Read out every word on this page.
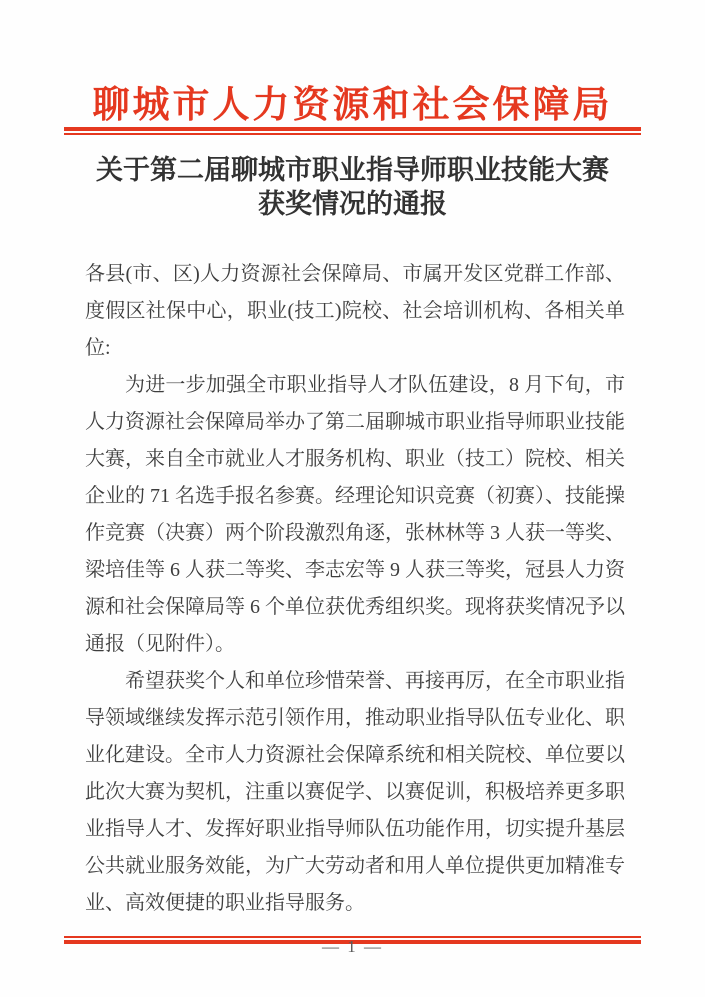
聊城市人力资源和社会保障局
关于第二届聊城市职业指导师职业技能大赛
获奖情况的通报

各县(市、区)人力资源社会保障局、市属开发区党群工作部、度假区社保中心，职业(技工)院校、社会培训机构、各相关单位:

为进一步加强全市职业指导人才队伍建设，8 月下旬，市人力资源社会保障局举办了第二届聊城市职业指导师职业技能大赛，来自全市就业人才服务机构、职业（技工）院校、相关企业的 71 名选手报名参赛。经理论知识竞赛（初赛）、技能操作竞赛（决赛）两个阶段激烈角逐，张林林等 3 人获一等奖、梁培佳等 6 人获二等奖、李志宏等 9 人获三等奖，冠县人力资源和社会保障局等 6 个单位获优秀组织奖。现将获奖情况予以通报（见附件）。

希望获奖个人和单位珍惜荣誉、再接再厉，在全市职业指导领域继续发挥示范引领作用，推动职业指导队伍专业化、职业化建设。全市人力资源社会保障系统和相关院校、单位要以此次大赛为契机，注重以赛促学、以赛促训，积极培养更多职业指导人才、发挥好职业指导师队伍功能作用，切实提升基层公共就业服务效能，为广大劳动者和用人单位提供更加精准专业、高效便捷的职业指导服务。

— 1 —
